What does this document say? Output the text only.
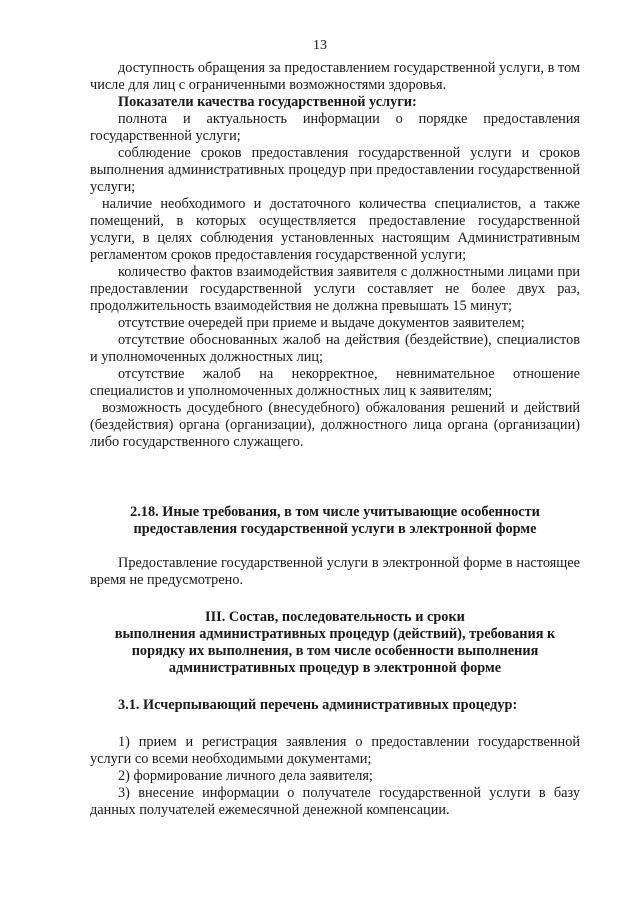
13

доступность обращения за предоставлением государственной услуги, в том числе для лиц с ограниченными возможностями здоровья.

Показатели качества государственной услуги:

полнота и актуальность информации о порядке предоставления государственной услуги;

соблюдение сроков предоставления государственной услуги и сроков выполнения административных процедур при предоставлении государственной услуги;

наличие необходимого и достаточного количества специалистов, а также помещений, в которых осуществляется предоставление государственной услуги, в целях соблюдения установленных настоящим Административным регламентом сроков предоставления государственной услуги;

количество фактов взаимодействия заявителя с должностными лицами при предоставлении государственной услуги составляет не более двух раз, продолжительность взаимодействия не должна превышать 15 минут;

отсутствие очередей при приеме и выдаче документов заявителем;

отсутствие обоснованных жалоб на действия (бездействие), специалистов и уполномоченных должностных лиц;

отсутствие жалоб на некорректное, невнимательное отношение специалистов и уполномоченных должностных лиц к заявителям;

возможность досудебного (внесудебного) обжалования решений и действий (бездействия) органа (организации), должностного лица органа (организации) либо государственного служащего.

2.18. Иные требования, в том числе учитывающие особенности

предоставления государственной услуги в электронной форме

Предоставление государственной услуги в электронной форме в настоящее время не предусмотрено.

III. Состав, последовательность и сроки

выполнения административных процедур (действий), требования к

порядку их выполнения, в том числе особенности выполнения

административных процедур в электронной форме

3.1. Исчерпывающий перечень административных процедур:

1) прием и регистрация заявления о предоставлении государственной услуги со всеми необходимыми документами;

2) формирование личного дела заявителя;

3) внесение информации о получателе государственной услуги в базу данных получателей ежемесячной денежной компенсации.
